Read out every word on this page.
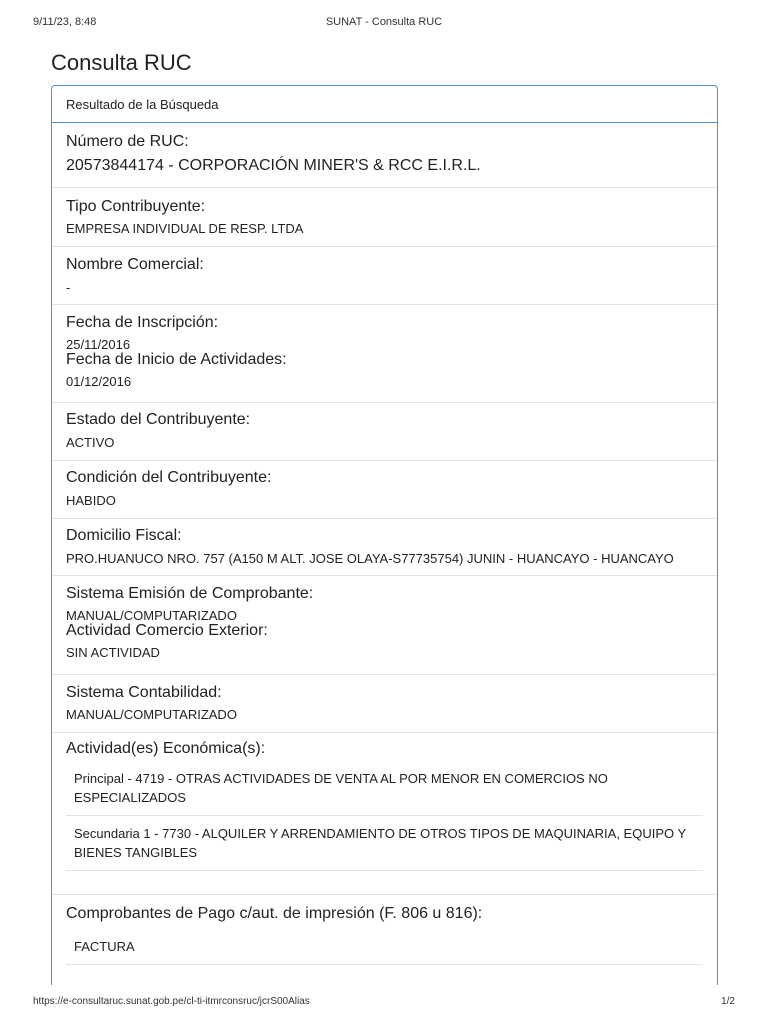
9/11/23, 8:48	SUNAT - Consulta RUC
Consulta RUC
Resultado de la Búsqueda
Número de RUC:
20573844174 - CORPORACIÓN MINER'S & RCC E.I.R.L.
Tipo Contribuyente:
EMPRESA INDIVIDUAL DE RESP. LTDA
Nombre Comercial:
-
Fecha de Inscripción:
25/11/2016
Fecha de Inicio de Actividades:
01/12/2016
Estado del Contribuyente:
ACTIVO
Condición del Contribuyente:
HABIDO
Domicilio Fiscal:
PRO.HUANUCO NRO. 757 (A150 M ALT. JOSE OLAYA-S77735754) JUNIN - HUANCAYO - HUANCAYO
Sistema Emisión de Comprobante:
MANUAL/COMPUTARIZADO
Actividad Comercio Exterior:
SIN ACTIVIDAD
Sistema Contabilidad:
MANUAL/COMPUTARIZADO
Actividad(es) Económica(s):
Principal - 4719 - OTRAS ACTIVIDADES DE VENTA AL POR MENOR EN COMERCIOS NO ESPECIALIZADOS
Secundaria 1 - 7730 - ALQUILER Y ARRENDAMIENTO DE OTROS TIPOS DE MAQUINARIA, EQUIPO Y BIENES TANGIBLES
Comprobantes de Pago c/aut. de impresión (F. 806 u 816):
FACTURA
https://e-consultaruc.sunat.gob.pe/cl-ti-itmrconsruc/jcrS00Alias	1/2
